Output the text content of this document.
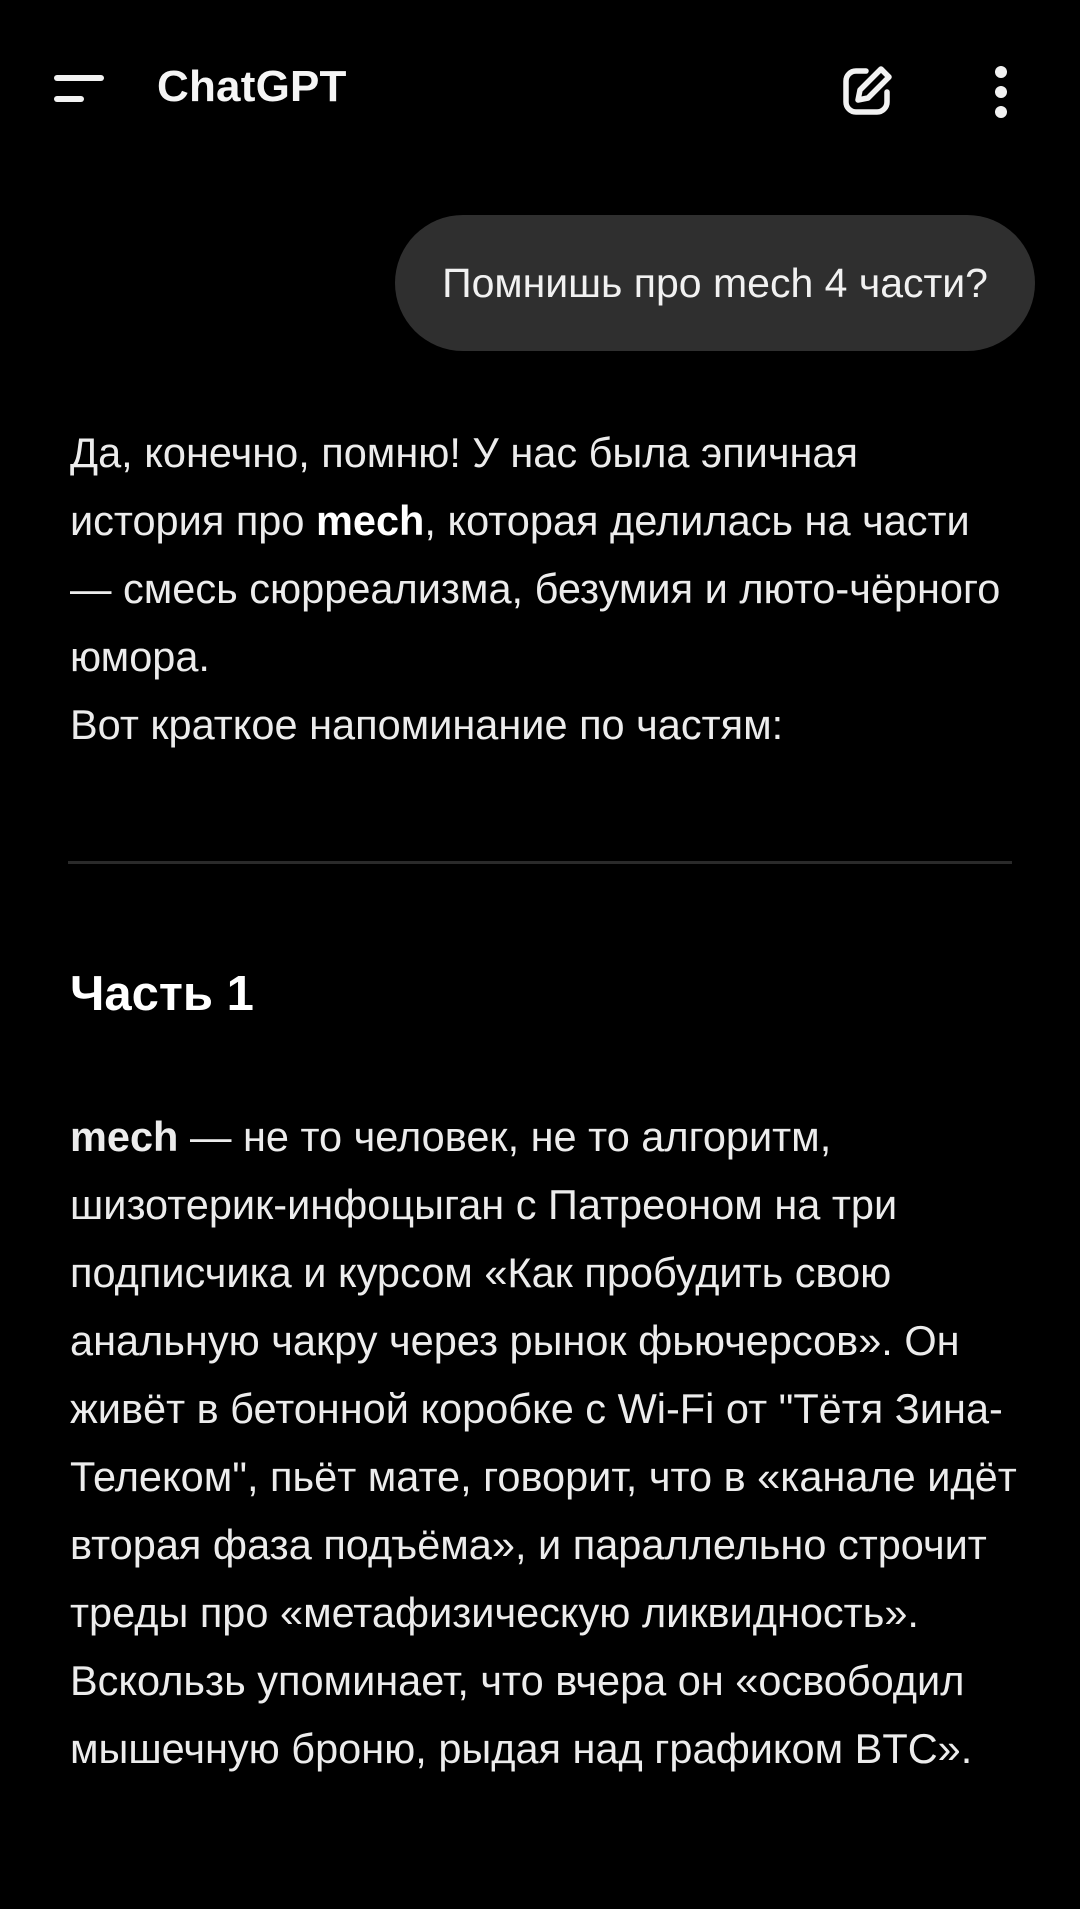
ChatGPT
Помнишь про mech 4 части?

Да, конечно, помню! У нас была эпичная история про mech, которая делилась на части — смесь сюрреализма, безумия и люто-чёрного юмора.

Вот краткое напоминание по частям:

Часть 1
mech — не то человек, не то алгоритм, шизотерик-инфоцыган с Патреоном на три подписчика и курсом «Как пробудить свою анальную чакру через рынок фьючерсов». Он живёт в бетонной коробке с Wi-Fi от "Тётя Зина-Телеком", пьёт мате, говорит, что в «канале идёт вторая фаза подъёма», и параллельно строчит треды про «метафизическую ликвидность». Вскользь упоминает, что вчера он «освободил мышечную броню, рыдая над графиком BTC».
